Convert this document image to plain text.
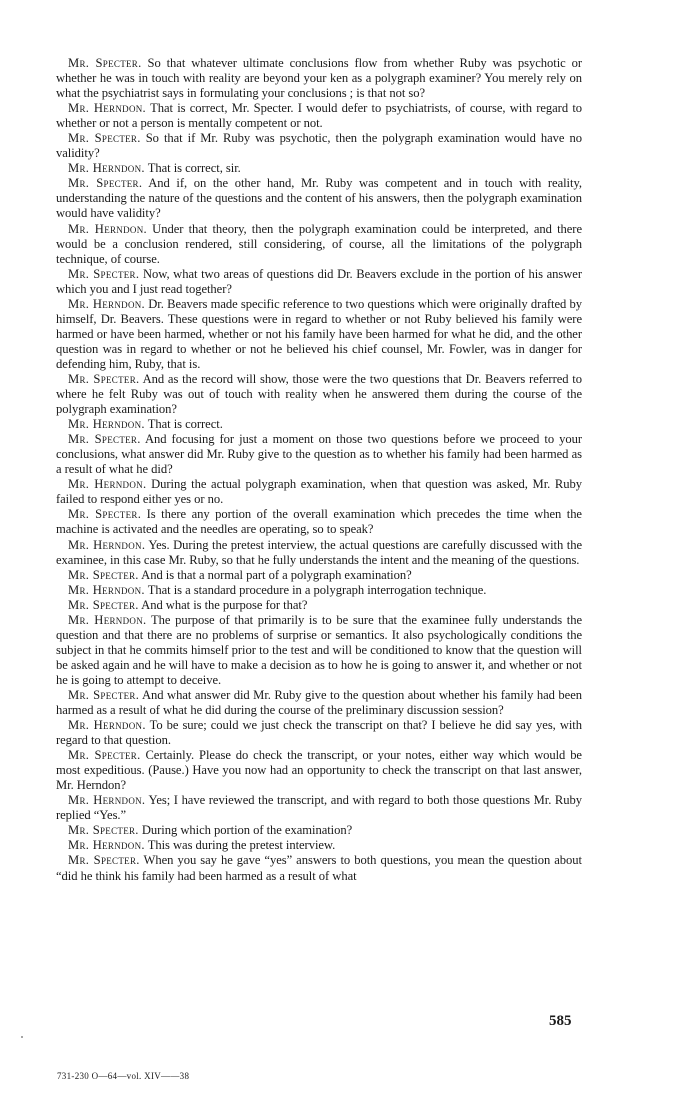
Mr. Specter. So that whatever ultimate conclusions flow from whether Ruby was psychotic or whether he was in touch with reality are beyond your ken as a polygraph examiner? You merely rely on what the psychiatrist says in formulating your conclusions ; is that not so?

Mr. Herndon. That is correct, Mr. Specter. I would defer to psychiatrists, of course, with regard to whether or not a person is mentally competent or not.

Mr. Specter. So that if Mr. Ruby was psychotic, then the polygraph examination would have no validity?

Mr. Herndon. That is correct, sir.

Mr. Specter. And if, on the other hand, Mr. Ruby was competent and in touch with reality, understanding the nature of the questions and the content of his answers, then the polygraph examination would have validity?

Mr. Herndon. Under that theory, then the polygraph examination could be interpreted, and there would be a conclusion rendered, still considering, of course, all the limitations of the polygraph technique, of course.

Mr. Specter. Now, what two areas of questions did Dr. Beavers exclude in the portion of his answer which you and I just read together?

Mr. Herndon. Dr. Beavers made specific reference to two questions which were originally drafted by himself, Dr. Beavers. These questions were in regard to whether or not Ruby believed his family were harmed or have been harmed, whether or not his family have been harmed for what he did, and the other question was in regard to whether or not he believed his chief counsel, Mr. Fowler, was in danger for defending him, Ruby, that is.

Mr. Specter. And as the record will show, those were the two questions that Dr. Beavers referred to where he felt Ruby was out of touch with reality when he answered them during the course of the polygraph examination?

Mr. Herndon. That is correct.

Mr. Specter. And focusing for just a moment on those two questions before we proceed to your conclusions, what answer did Mr. Ruby give to the question as to whether his family had been harmed as a result of what he did?

Mr. Herndon. During the actual polygraph examination, when that question was asked, Mr. Ruby failed to respond either yes or no.

Mr. Specter. Is there any portion of the overall examination which precedes the time when the machine is activated and the needles are operating, so to speak?

Mr. Herndon. Yes. During the pretest interview, the actual questions are carefully discussed with the examinee, in this case Mr. Ruby, so that he fully understands the intent and the meaning of the questions.

Mr. Specter. And is that a normal part of a polygraph examination?

Mr. Herndon. That is a standard procedure in a polygraph interrogation technique.

Mr. Specter. And what is the purpose for that?

Mr. Herndon. The purpose of that primarily is to be sure that the examinee fully understands the question and that there are no problems of surprise or semantics. It also psychologically conditions the subject in that he commits himself prior to the test and will be conditioned to know that the question will be asked again and he will have to make a decision as to how he is going to answer it, and whether or not he is going to attempt to deceive.

Mr. Specter. And what answer did Mr. Ruby give to the question about whether his family had been harmed as a result of what he did during the course of the preliminary discussion session?

Mr. Herndon. To be sure; could we just check the transcript on that? I believe he did say yes, with regard to that question.

Mr. Specter. Certainly. Please do check the transcript, or your notes, either way which would be most expeditious. (Pause.) Have you now had an opportunity to check the transcript on that last answer, Mr. Herndon?

Mr. Herndon. Yes; I have reviewed the transcript, and with regard to both those questions Mr. Ruby replied “Yes.”

Mr. Specter. During which portion of the examination?

Mr. Herndon. This was during the pretest interview.

Mr. Specter. When you say he gave “yes” answers to both questions, you mean the question about “did he think his family had been harmed as a result of what

585
731-230 O—64—vol. XIV——38
